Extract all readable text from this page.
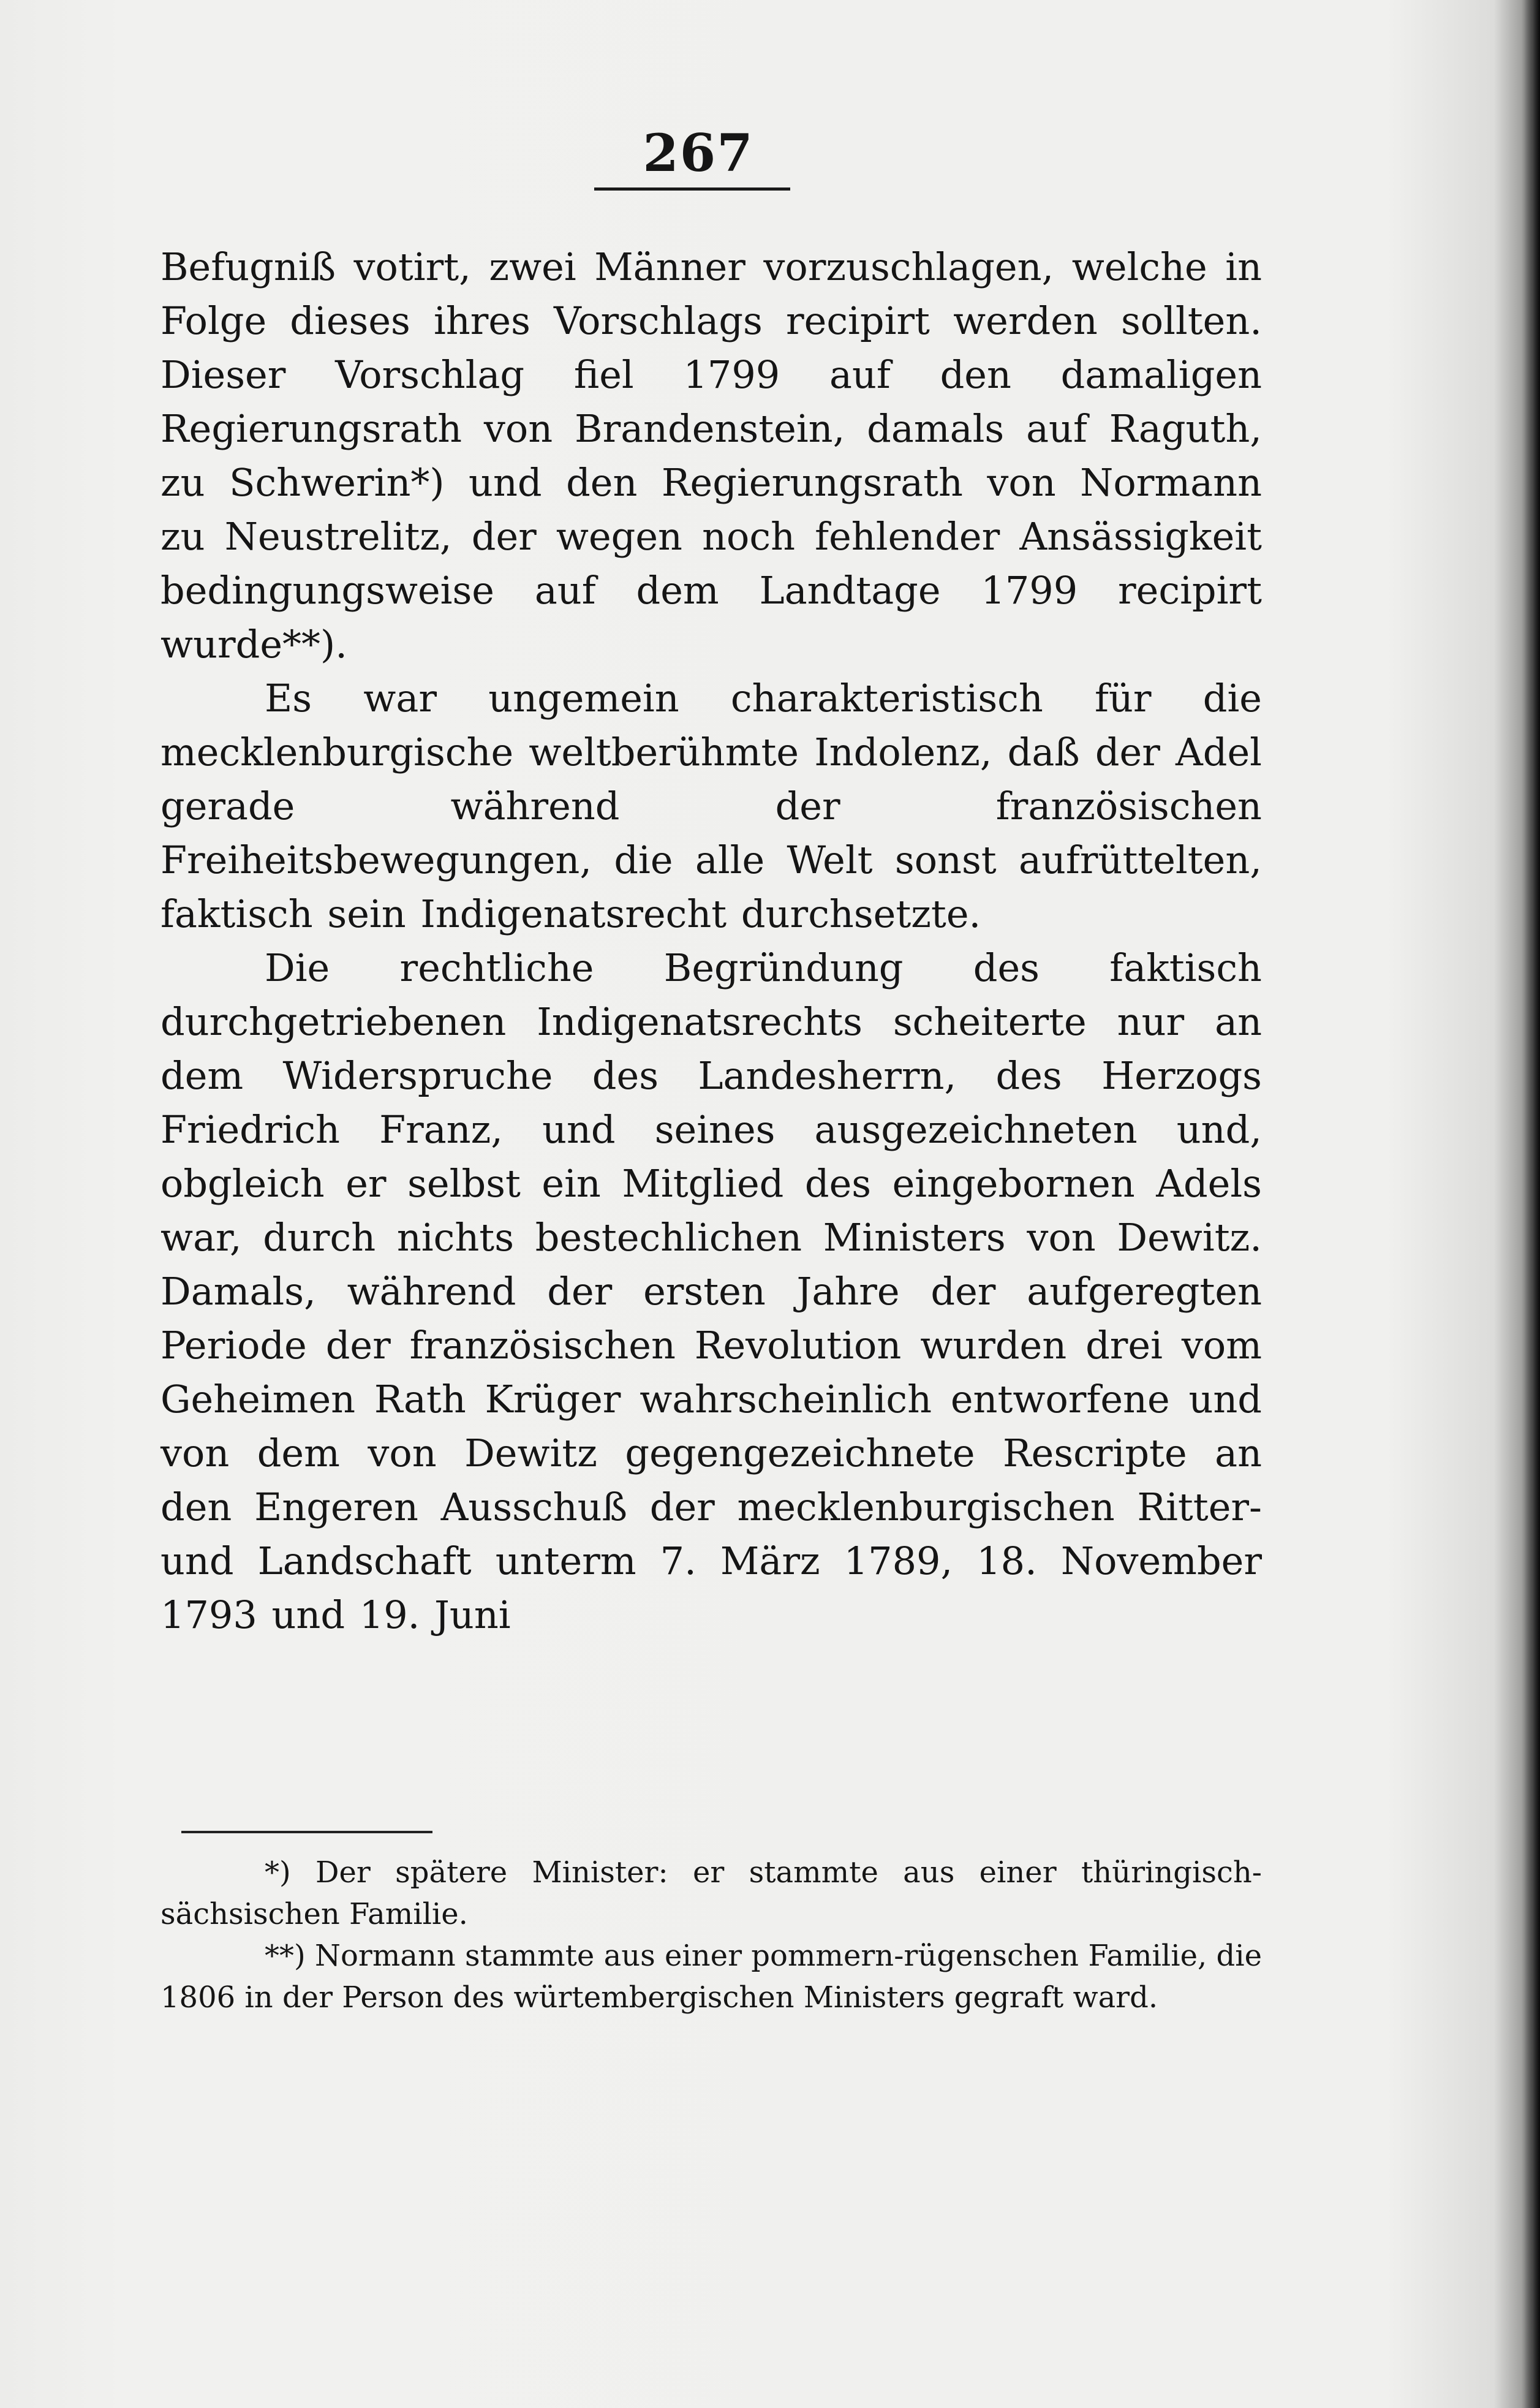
267

Befugniß votirt, zwei Männer vorzuschlagen, welche in Folge dieses ihres Vorschlags recipirt werden sollten. Dieser Vorschlag fiel 1799 auf den damaligen Regierungsrath von Brandenstein, damals auf Raguth, zu Schwerin*) und den Regierungsrath von Normann zu Neustrelitz, der wegen noch fehlender Ansässigkeit bedingungsweise auf dem Landtage 1799 recipirt wurde**).

Es war ungemein charakteristisch für die mecklenburgische weltberühmte Indolenz, daß der Adel gerade während der französischen Freiheitsbewegungen, die alle Welt sonst aufrüttelten, faktisch sein Indigenatsrecht durchsetzte.

Die rechtliche Begründung des faktisch durchgetriebenen Indigenatsrechts scheiterte nur an dem Widerspruche des Landesherrn, des Herzogs Friedrich Franz, und seines ausgezeichneten und, obgleich er selbst ein Mitglied des eingebornen Adels war, durch nichts bestechlichen Ministers von Dewitz. Damals, während der ersten Jahre der aufgeregten Periode der französischen Revolution wurden drei vom Geheimen Rath Krüger wahrscheinlich entworfene und von dem von Dewitz gegengezeichnete Rescripte an den Engeren Ausschuß der mecklenburgischen Ritter- und Landschaft unterm 7. März 1789, 18. November 1793 und 19. Juni

*) Der spätere Minister: er stammte aus einer thüringisch-sächsischen Familie.

**) Normann stammte aus einer pommern-rügenschen Familie, die 1806 in der Person des würtembergischen Ministers gegraft ward.
